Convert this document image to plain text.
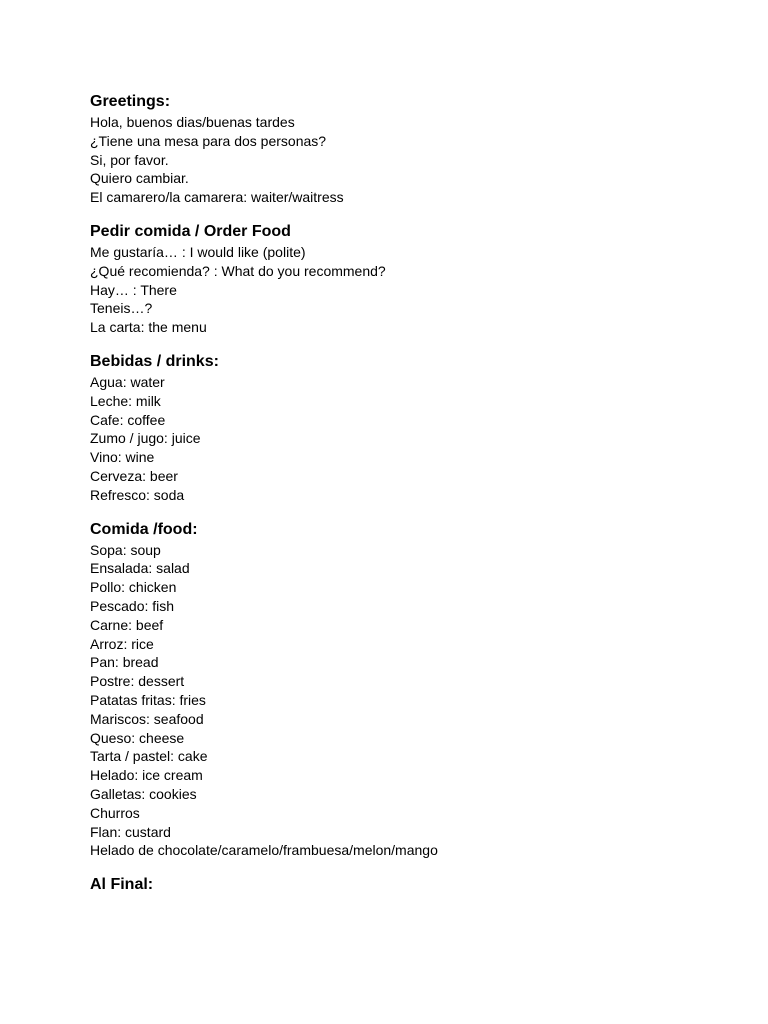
Greetings:
Hola, buenos dias/buenas tardes
¿Tiene una mesa para dos personas?
Si, por favor.
Quiero cambiar.
El camarero/la camarera: waiter/waitress
Pedir comida / Order Food
Me gustaría… : I would like (polite)
¿Qué recomienda? : What do you recommend?
Hay… : There
Teneis…?
La carta: the menu
Bebidas / drinks:
Agua: water
Leche: milk
Cafe: coffee
Zumo / jugo: juice
Vino: wine
Cerveza: beer
Refresco: soda
Comida /food:
Sopa: soup
Ensalada: salad
Pollo: chicken
Pescado: fish
Carne: beef
Arroz: rice
Pan: bread
Postre: dessert
Patatas fritas: fries
Mariscos: seafood
Queso: cheese
Tarta / pastel: cake
Helado: ice cream
Galletas: cookies
Churros
Flan: custard
Helado de chocolate/caramelo/frambuesa/melon/mango
Al Final:
